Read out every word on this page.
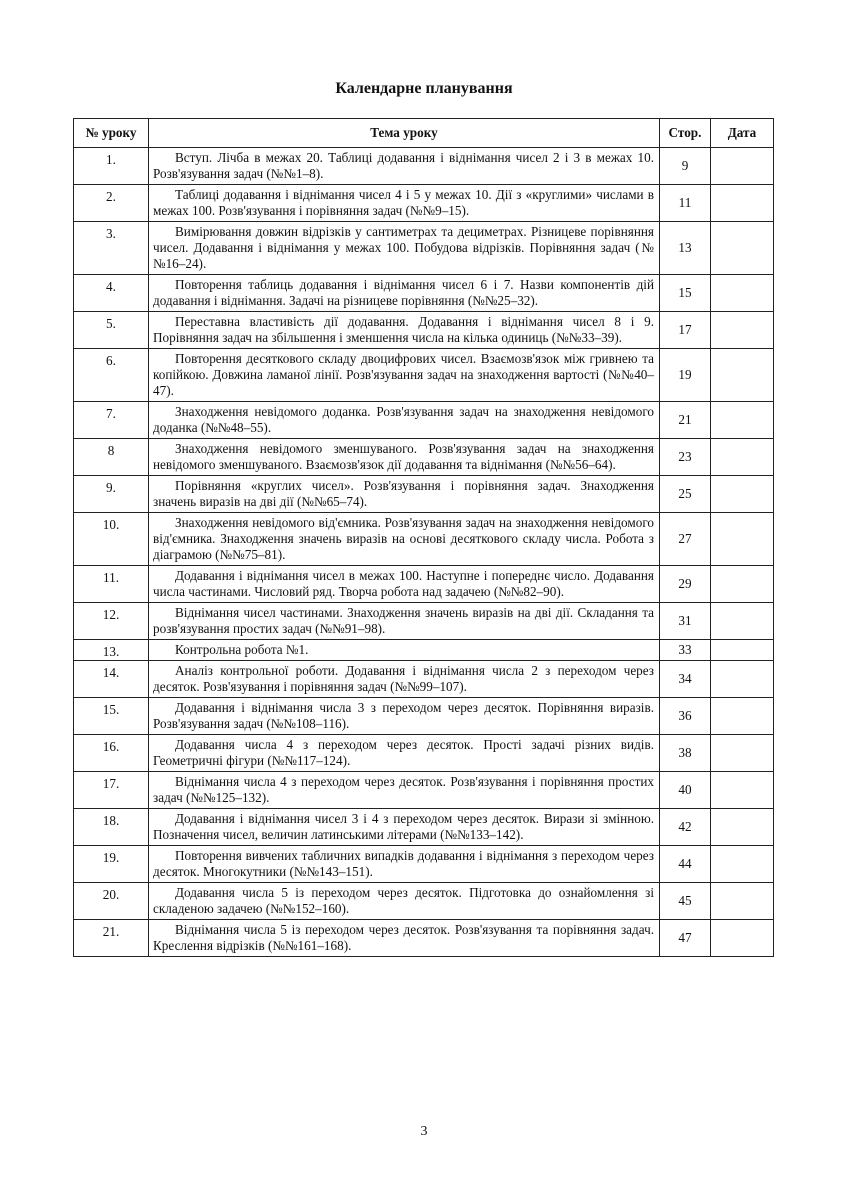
Календарне планування
№ уроку	Тема уроку	Стор.	Дата
1.	Вступ. Лічба в межах 20. Таблиці додавання і віднімання чисел 2 і 3 в межах 10. Розв'язування задач (№№1–8).	9	
2.	Таблиці додавання і віднімання чисел 4 і 5 у межах 10. Дії з «круглими» числами в межах 100. Розв'язування і порівняння задач (№№9–15).	11	
3.	Вимірювання довжин відрізків у сантиметрах та дециметрах. Різницеве порівняння чисел. Додавання і віднімання у межах 100. Побудова відрізків. Порівняння задач (№№16–24).	13	
4.	Повторення таблиць додавання і віднімання чисел 6 і 7. Назви компонентів дій додавання і віднімання. Задачі на різницеве порівняння (№№25–32).	15	
5.	Переставна властивість дії додавання. Додавання і віднімання чисел 8 і 9. Порівняння задач на збільшення і зменшення числа на кілька одиниць (№№33–39).	17	
6.	Повторення десяткового складу двоцифрових чисел. Взаємозв'язок між гривнею та копійкою. Довжина ламаної лінії. Розв'язування задач на знаходження вартості (№№40–47).	19	
7.	Знаходження невідомого доданка. Розв'язування задач на знаходження невідомого доданка (№№48–55).	21	
8	Знаходження невідомого зменшуваного. Розв'язування задач на знаходження невідомого зменшуваного. Взаємозв'язок дії додавання та віднімання (№№56–64).	23	
9.	Порівняння «круглих чисел». Розв'язування і порівняння задач. Знаходження значень виразів на дві дії (№№65–74).	25	
10.	Знаходження невідомого від'ємника. Розв'язування задач на знаходження невідомого від'ємника. Знаходження значень виразів на основі десяткового складу числа. Робота з діаграмою (№№75–81).	27	
11.	Додавання і віднімання чисел в межах 100. Наступне і попереднє число. Додавання числа частинами. Числовий ряд. Творча робота над задачею (№№82–90).	29	
12.	Віднімання чисел частинами. Знаходження значень виразів на дві дії. Складання та розв'язування простих задач (№№91–98).	31	
13.	Контрольна робота №1.	33	
14.	Аналіз контрольної роботи. Додавання і віднімання числа 2 з переходом через десяток. Розв'язування і порівняння задач (№№99–107).	34	
15.	Додавання і віднімання числа 3 з переходом через десяток. Порівняння виразів. Розв'язування задач (№№108–116).	36	
16.	Додавання числа 4 з переходом через десяток. Прості задачі різних видів. Геометричні фігури (№№117–124).	38	
17.	Віднімання числа 4 з переходом через десяток. Розв'язування і порівняння простих задач (№№125–132).	40	
18.	Додавання і віднімання чисел 3 і 4 з переходом через десяток. Вирази зі змінною. Позначення чисел, величин латинськими літерами (№№133–142).	42	
19.	Повторення вивчених табличних випадків додавання і віднімання з переходом через десяток. Многокутники (№№143–151).	44	
20.	Додавання числа 5 із переходом через десяток. Підготовка до ознайомлення зі складеною задачею (№№152–160).	45	
21.	Віднімання числа 5 із переходом через десяток. Розв'язування та порівняння задач. Креслення відрізків (№№161–168).	47	
3
